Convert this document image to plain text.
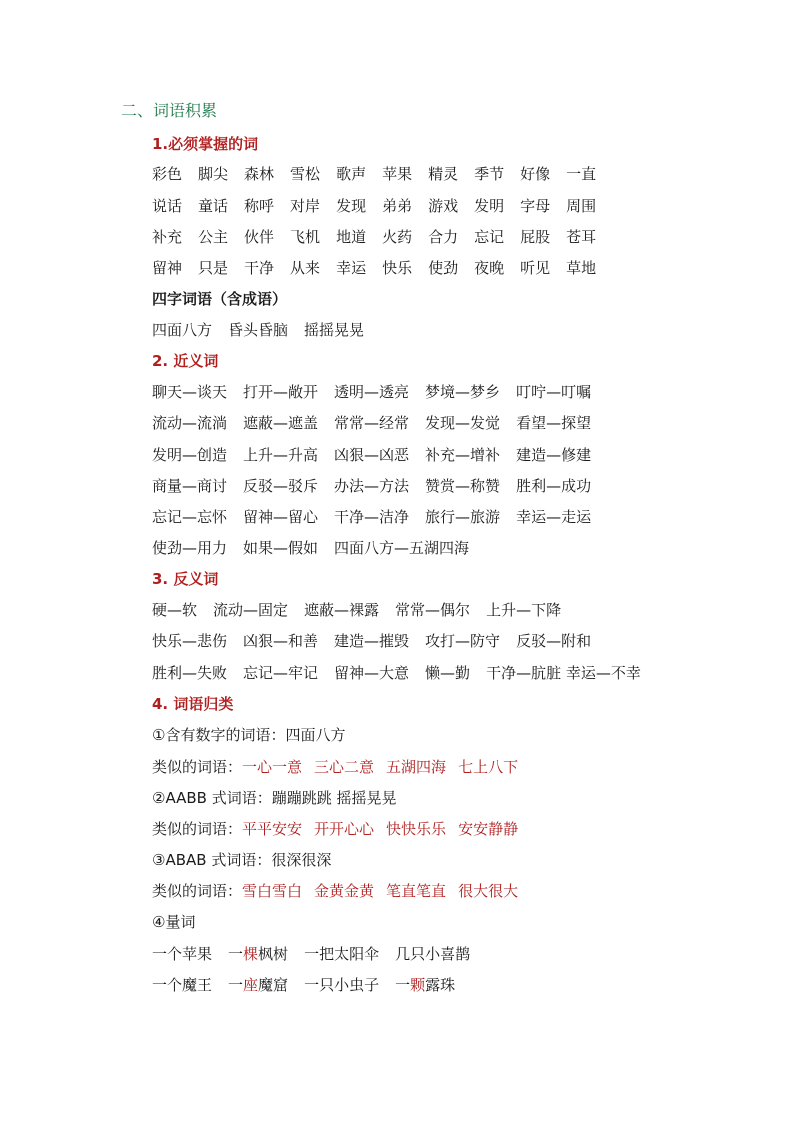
二、词语积累
1.必须掌握的词
彩色 脚尖 森林 雪松 歌声 苹果 精灵 季节 好像 一直
说话 童话 称呼 对岸 发现 弟弟 游戏 发明 字母 周围
补充 公主 伙伴 飞机 地道 火药 合力 忘记 屁股 苍耳
留神 只是 干净 从来 幸运 快乐 使劲 夜晚 听见 草地
四字词语（含成语）
四面八方 昏头昏脑 摇摇晃晃
2. 近义词
聊天—谈天 打开—敞开 透明—透亮 梦境—梦乡 叮咛—叮嘱
流动—流淌 遮蔽—遮盖 常常—经常 发现—发觉 看望—探望
发明—创造 上升—升高 凶狠—凶恶 补充—增补 建造—修建
商量—商讨 反驳—驳斥 办法—方法 赞赏—称赞 胜利—成功
忘记—忘怀 留神—留心 干净—洁净 旅行—旅游 幸运—走运
使劲—用力 如果—假如 四面八方—五湖四海
3. 反义词
硬—软 流动—固定 遮蔽—裸露 常常—偶尔 上升—下降
快乐—悲伤 凶狠—和善 建造—摧毁 攻打—防守 反驳—附和
胜利—失败 忘记—牢记 留神—大意 懒—勤 干净—肮脏 幸运—不幸
4. 词语归类
①含有数字的词语：四面八方
类似的词语：一心一意 三心二意 五湖四海 七上八下
②AABB 式词语：蹦蹦跳跳 摇摇晃晃
类似的词语：平平安安 开开心心 快快乐乐 安安静静
③ABAB 式词语：很深很深
类似的词语：雪白雪白 金黄金黄 笔直笔直 很大很大
④量词
一个苹果 一棵枫树 一把太阳伞 几只小喜鹊
一个魔王 一座魔窟 一只小虫子 一颗露珠
